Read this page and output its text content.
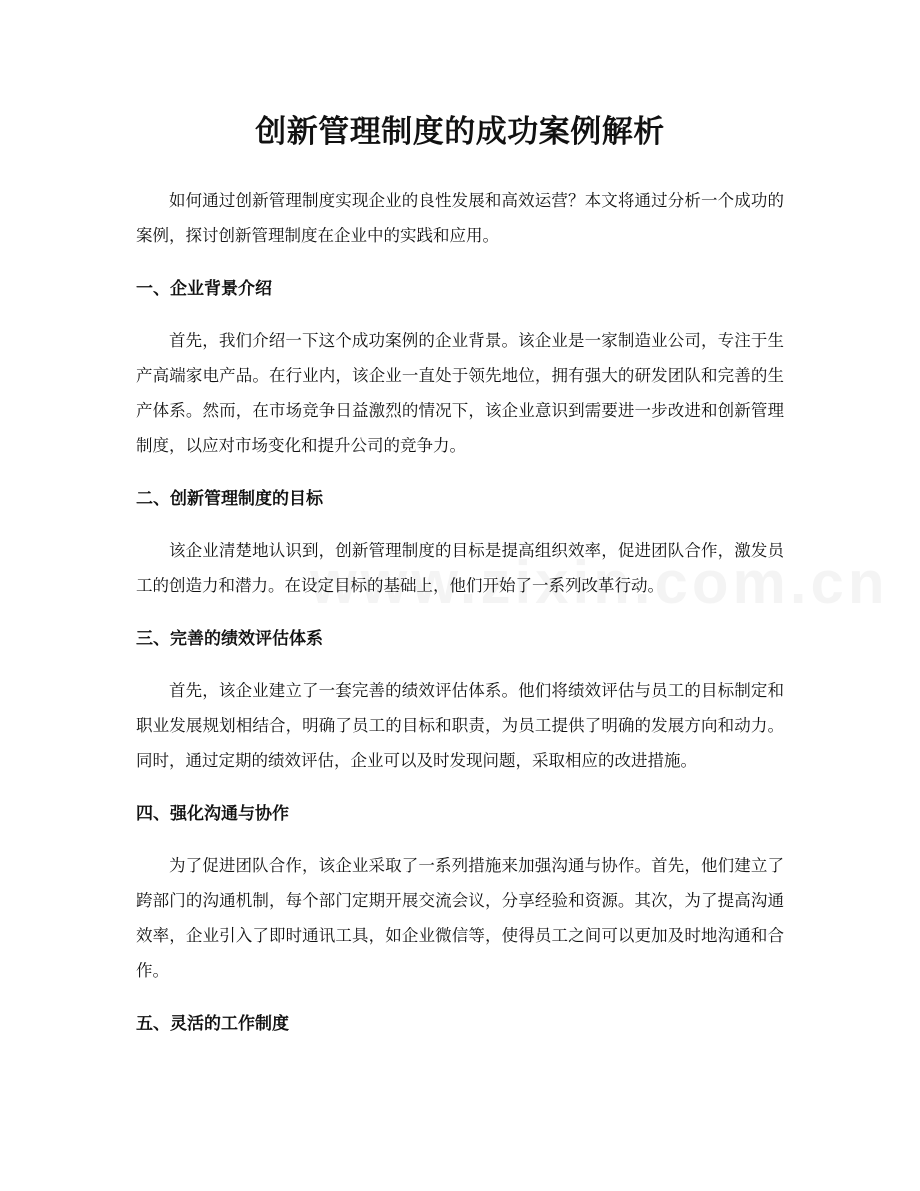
创新管理制度的成功案例解析

如何通过创新管理制度实现企业的良性发展和高效运营？本文将通过分析一个成功的案例，探讨创新管理制度在企业中的实践和应用。

一、企业背景介绍

首先，我们介绍一下这个成功案例的企业背景。该企业是一家制造业公司，专注于生产高端家电产品。在行业内，该企业一直处于领先地位，拥有强大的研发团队和完善的生产体系。然而，在市场竞争日益激烈的情况下，该企业意识到需要进一步改进和创新管理制度，以应对市场变化和提升公司的竞争力。

二、创新管理制度的目标

该企业清楚地认识到，创新管理制度的目标是提高组织效率，促进团队合作，激发员工的创造力和潜力。在设定目标的基础上，他们开始了一系列改革行动。

三、完善的绩效评估体系

首先，该企业建立了一套完善的绩效评估体系。他们将绩效评估与员工的目标制定和职业发展规划相结合，明确了员工的目标和职责，为员工提供了明确的发展方向和动力。同时，通过定期的绩效评估，企业可以及时发现问题，采取相应的改进措施。

四、强化沟通与协作

为了促进团队合作，该企业采取了一系列措施来加强沟通与协作。首先，他们建立了跨部门的沟通机制，每个部门定期开展交流会议，分享经验和资源。其次，为了提高沟通效率，企业引入了即时通讯工具，如企业微信等，使得员工之间可以更加及时地沟通和合作。

五、灵活的工作制度
